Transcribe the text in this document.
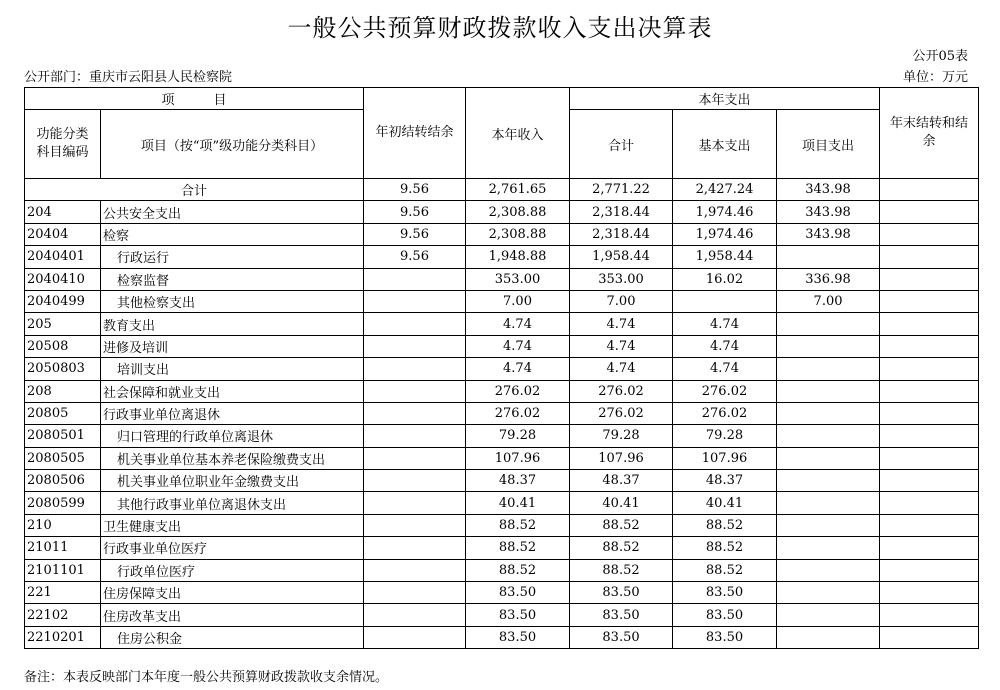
一般公共预算财政拨款收入支出决算表
公开05表
公开部门：重庆市云阳县人民检察院	单位：万元
项　　　目		年初结转结余	本年收入	本年支出			年末结转和结余
功能分类科目编码	项目（按“项”级功能分类科目）			合计	基本支出	项目支出	
合计		9.56	2,761.65	2,771.22	2,427.24	343.98	
204	公共安全支出	9.56	2,308.88	2,318.44	1,974.46	343.98	
20404	检察	9.56	2,308.88	2,318.44	1,974.46	343.98	
2040401	行政运行	9.56	1,948.88	1,958.44	1,958.44		
2040410	检察监督		353.00	353.00	16.02	336.98	
2040499	其他检察支出		7.00	7.00		7.00	
205	教育支出		4.74	4.74	4.74		
20508	进修及培训		4.74	4.74	4.74		
2050803	培训支出		4.74	4.74	4.74		
208	社会保障和就业支出		276.02	276.02	276.02		
20805	行政事业单位离退休		276.02	276.02	276.02		
2080501	归口管理的行政单位离退休		79.28	79.28	79.28		
2080505	机关事业单位基本养老保险缴费支出		107.96	107.96	107.96		
2080506	机关事业单位职业年金缴费支出		48.37	48.37	48.37		
2080599	其他行政事业单位离退休支出		40.41	40.41	40.41		
210	卫生健康支出		88.52	88.52	88.52		
21011	行政事业单位医疗		88.52	88.52	88.52		
2101101	行政单位医疗		88.52	88.52	88.52		
221	住房保障支出		83.50	83.50	83.50		
22102	住房改革支出		83.50	83.50	83.50		
2210201	住房公积金		83.50	83.50	83.50		
备注：本表反映部门本年度一般公共预算财政拨款收支余情况。
